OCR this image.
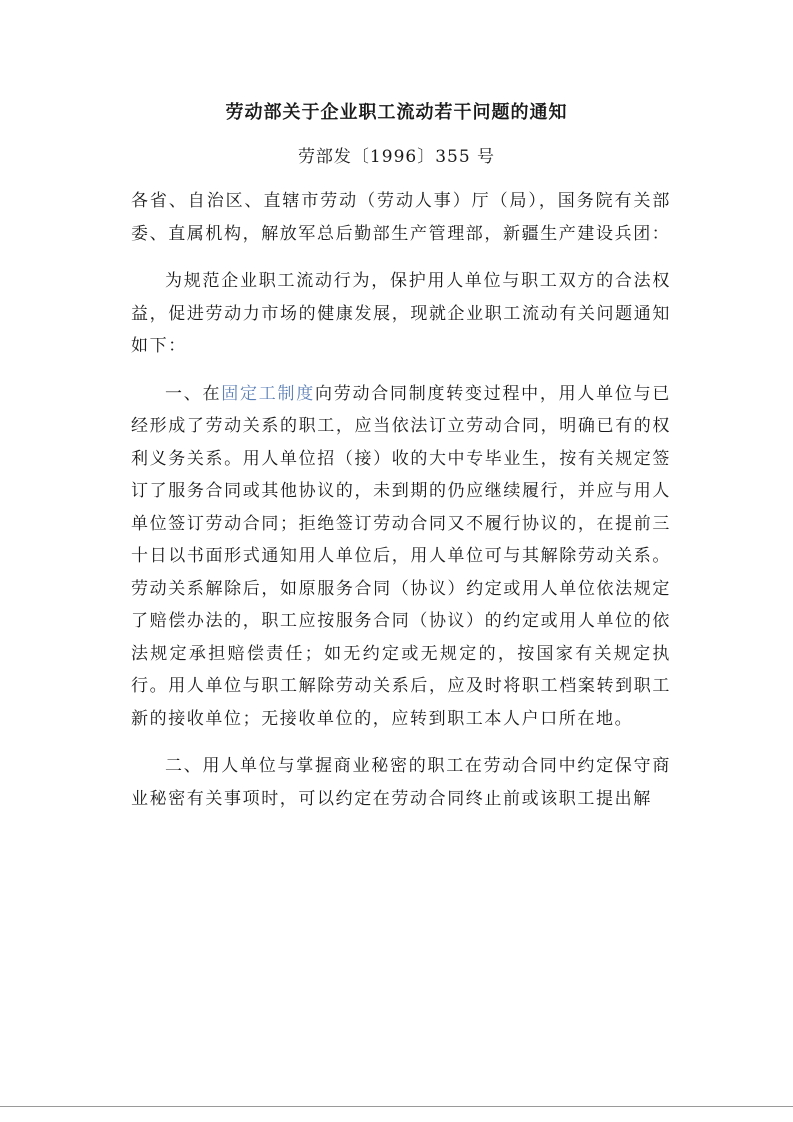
劳动部关于企业职工流动若干问题的通知
劳部发〔1996〕355 号

各省、自治区、直辖市劳动（劳动人事）厅（局），国务院有关部委、直属机构，解放军总后勤部生产管理部，新疆生产建设兵团：

为规范企业职工流动行为，保护用人单位与职工双方的合法权益，促进劳动力市场的健康发展，现就企业职工流动有关问题通知如下：

一、在固定工制度向劳动合同制度转变过程中，用人单位与已经形成了劳动关系的职工，应当依法订立劳动合同，明确已有的权利义务关系。用人单位招（接）收的大中专毕业生，按有关规定签订了服务合同或其他协议的，未到期的仍应继续履行，并应与用人单位签订劳动合同；拒绝签订劳动合同又不履行协议的，在提前三十日以书面形式通知用人单位后，用人单位可与其解除劳动关系。劳动关系解除后，如原服务合同（协议）约定或用人单位依法规定了赔偿办法的，职工应按服务合同（协议）的约定或用人单位的依法规定承担赔偿责任；如无约定或无规定的，按国家有关规定执行。用人单位与职工解除劳动关系后，应及时将职工档案转到职工新的接收单位；无接收单位的，应转到职工本人户口所在地。

二、用人单位与掌握商业秘密的职工在劳动合同中约定保守商业秘密有关事项时，可以约定在劳动合同终止前或该职工提出解
